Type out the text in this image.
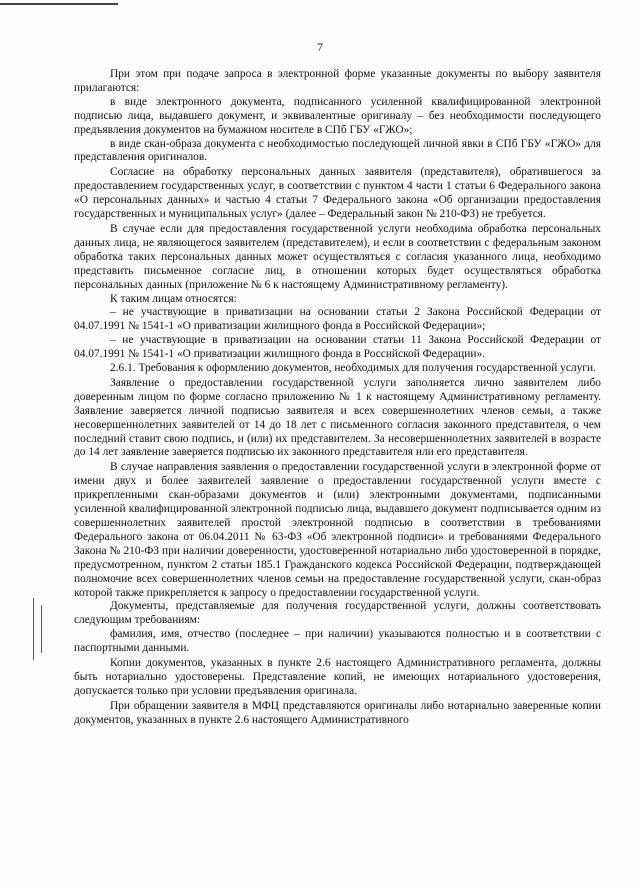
7

При этом при подаче запроса в электронной форме указанные документы по выбору заявителя прилагаются:

в виде электронного документа, подписанного усиленной квалифицированной электронной подписью лица, выдавшего документ, и эквивалентные оригиналу – без необходимости последующего предъявления документов на бумажном носителе в СПб ГБУ «ГЖО»;

в виде скан-образа документа с необходимостью последующей личной явки в СПб ГБУ «ГЖО» для представления оригиналов.

Согласие на обработку персональных данных заявителя (представителя), обратившегося за предоставлением государственных услуг, в соответствии с пунктом 4 части 1 статьи 6 Федерального закона «О персональных данных» и частью 4 статьи 7 Федерального закона «Об организации предоставления государственных и муниципальных услуг» (далее – Федеральный закон № 210-ФЗ) не требуется.

В случае если для предоставления государственной услуги необходима обработка персональных данных лица, не являющегося заявителем (представителем), и если в соответствии с федеральным законом обработка таких персональных данных может осуществляться с согласия указанного лица, необходимо представить письменное согласие лиц, в отношении которых будет осуществляться обработка персональных данных (приложение № 6 к настоящему Административному регламенту).

К таким лицам относятся:

– не участвующие в приватизации на основании статьи 2 Закона Российской Федерации от 04.07.1991 № 1541-1 «О приватизации жилищного фонда в Российской Федерации»;

– не участвующие в приватизации на основании статьи 11 Закона Российской Федерации от 04.07.1991 № 1541-1 «О приватизации жилищного фонда в Российской Федерации».

2.6.1. Требования к оформлению документов, необходимых для получения государственной услуги.

Заявление о предоставлении государственной услуги заполняется лично заявителем либо доверенным лицом по форме согласно приложению № 1 к настоящему Административному регламенту. Заявление заверяется личной подписью заявителя и всех совершеннолетних членов семьи, а также несовершеннолетних заявителей от 14 до 18 лет с письменного согласия законного представителя, о чем последний ставит свою подпись, и (или) их представителем. За несовершеннолетних заявителей в возрасте до 14 лет заявление заверяется подписью их законного представителя или его представителя.

В случае направления заявления о предоставлении государственной услуги в электронной форме от имени двух и более заявителей заявление о предоставлении государственной услуги вместе с прикрепленными скан-образами документов и (или) электронными документами, подписанными усиленной квалифицированной электронной подписью лица, выдавшего документ подписывается одним из совершеннолетних заявителей простой электронной подписью в соответствии в требованиями Федерального закона от 06.04.2011 № 63-ФЗ «Об электронной подписи» и требованиями Федерального Закона № 210-ФЗ при наличии доверенности, удостоверенной нотариально либо удостоверенной в порядке, предусмотренном, пунктом 2 статьи 185.1 Гражданского кодекса Российской Федерации, подтверждающей полномочие всех совершеннолетних членов семьи на предоставление государственной услуги, скан-образ которой также прикрепляется к запросу о предоставлении государственной услуги.

Документы, представляемые для получения государственной услуги, должны соответствовать следующим требованиям:

фамилия, имя, отчество (последнее – при наличии) указываются полностью и в соответствии с паспортными данными.

Копии документов, указанных в пункте 2.6 настоящего Административного регламента, должны быть нотариально удостоверены. Представление копий, не имеющих нотариального удостоверения, допускается только при условии предъявления оригинала.

При обращении заявителя в МФЦ представляются оригиналы либо нотариально заверенные копии документов, указанных в пункте 2.6 настоящего Административного
